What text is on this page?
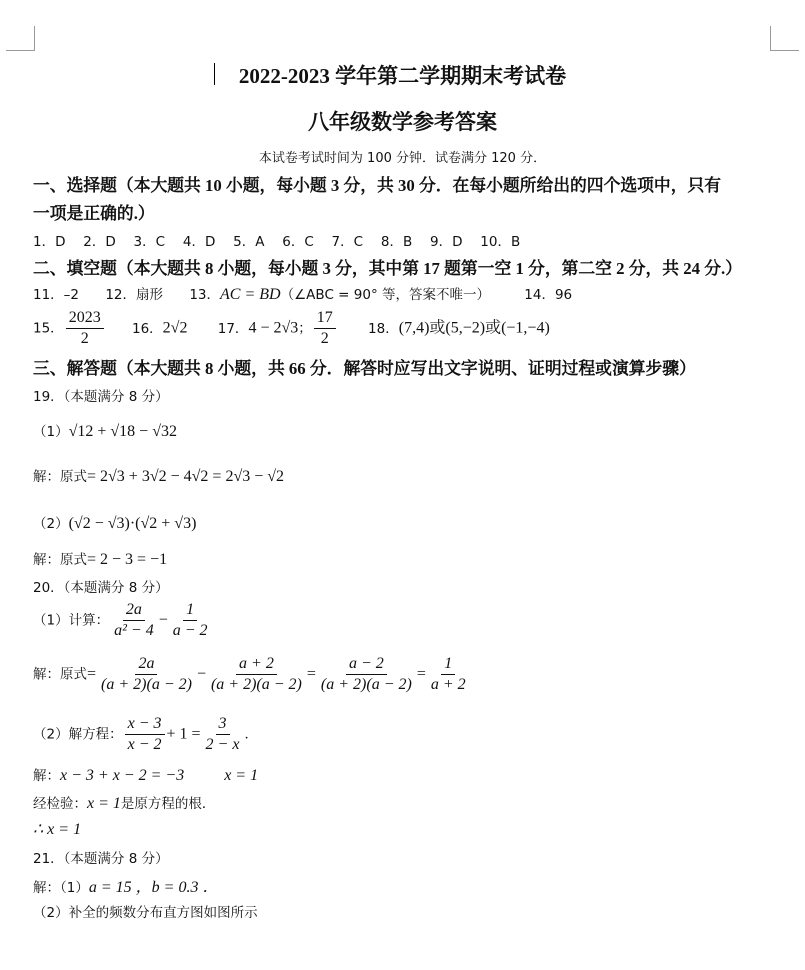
2022-2023 学年第二学期期末考试卷
八年级数学参考答案
本试卷考试时间为 100 分钟．试卷满分 120 分．
一、选择题（本大题共 10 小题，每小题 3 分，共 30 分．在每小题所给出的四个选项中，只有
一项是正确的.）
1．D　 2．D　 3．C　 4．D　 5．A　 6．C　 7．C　 8．B　 9．D　 10．B
二、填空题（本大题共 8 小题，每小题 3 分，其中第 17 题第一空 1 分，第二空 2 分，共 24 分.）
11．–2 12．扇形 13．AC = BD（∠ABC = 90° 等，答案不唯一）	14．96
15． $\frac{2023}{2} 16$．2√2 17．4 − 2√3； $\frac{17}{2} 18$．(7,4)或(5,−2)或(−1,−4)
三、解答题（本大题共 8 小题，共 66 分．解答时应写出文字说明、证明过程或演算步骤）
19．（本题满分 8 分）
（1）√12 + √18 − √32
解：原式= 2√3 + 3√2 − 4√2 = 2√3 − √2
（2）(√2 − √3)·(√2 + √3)
解：原式= 2 − 3 = −1
20．（本题满分 8 分）
（1）计算： $\frac{2a}{\text{a² − 4}} - \frac{1}{a - 2}$
解：原式= $\frac{2a}{(a + 2)(a - 2)} - \frac{a + 2}{(a + 2)(a - 2)} = \frac{a - 2}{(a + 2)(a - 2)} = \frac{1}{a + 2}$
（2）解方程： $\frac{x - 3}{x - 2} + 1 = \frac{3}{2 - x}$ ．
解：x − 3 + x − 2 = −3	x = 1
经检验：x = 1是原方程的根．
∴ x = 1
21．（本题满分 8 分）
解：（1）a = 15 ，b = 0.3 ．
（2）补全的频数分布直方图如图所示
